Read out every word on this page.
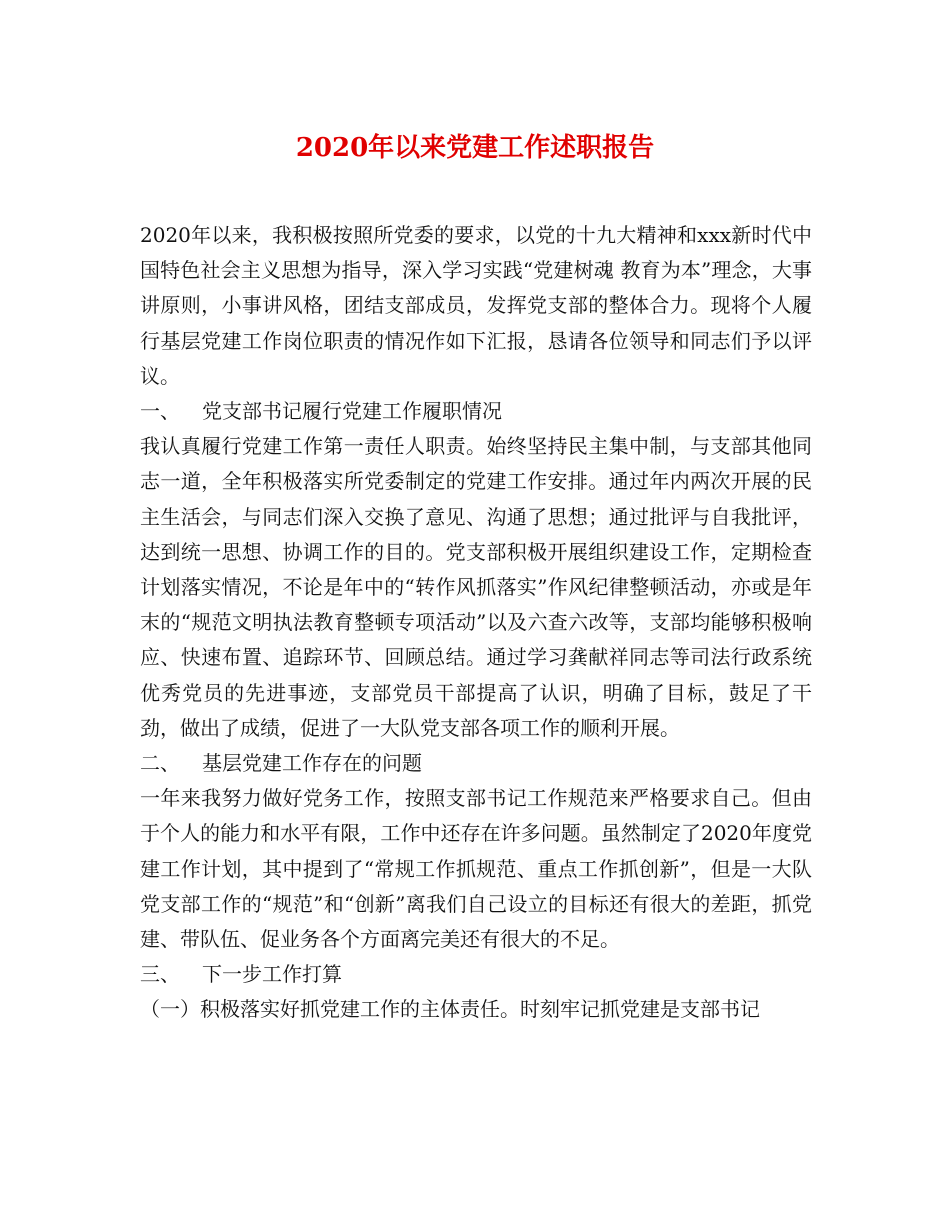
2020年以来党建工作述职报告

2020年以来，我积极按照所党委的要求，以党的十九大精神和xxx新时代中国特色社会主义思想为指导，深入学习实践“党建树魂 教育为本”理念，大事讲原则，小事讲风格，团结支部成员，发挥党支部的整体合力。现将个人履行基层党建工作岗位职责的情况作如下汇报，恳请各位领导和同志们予以评议。

一、	党支部书记履行党建工作履职情况

我认真履行党建工作第一责任人职责。始终坚持民主集中制，与支部其他同志一道，全年积极落实所党委制定的党建工作安排。通过年内两次开展的民主生活会，与同志们深入交换了意见、沟通了思想；通过批评与自我批评，达到统一思想、协调工作的目的。党支部积极开展组织建设工作，定期检查计划落实情况，不论是年中的“转作风抓落实”作风纪律整顿活动，亦或是年末的“规范文明执法教育整顿专项活动”以及六查六改等，支部均能够积极响应、快速布置、追踪环节、回顾总结。通过学习龚献祥同志等司法行政系统优秀党员的先进事迹，支部党员干部提高了认识，明确了目标，鼓足了干劲，做出了成绩，促进了一大队党支部各项工作的顺利开展。

二、	基层党建工作存在的问题

一年来我努力做好党务工作，按照支部书记工作规范来严格要求自己。但由于个人的能力和水平有限，工作中还存在许多问题。虽然制定了2020年度党建工作计划，其中提到了“常规工作抓规范、重点工作抓创新”，但是一大队党支部工作的“规范”和“创新”离我们自己设立的目标还有很大的差距，抓党建、带队伍、促业务各个方面离完美还有很大的不足。

三、	下一步工作打算

（一）积极落实好抓党建工作的主体责任。时刻牢记抓党建是支部书记
